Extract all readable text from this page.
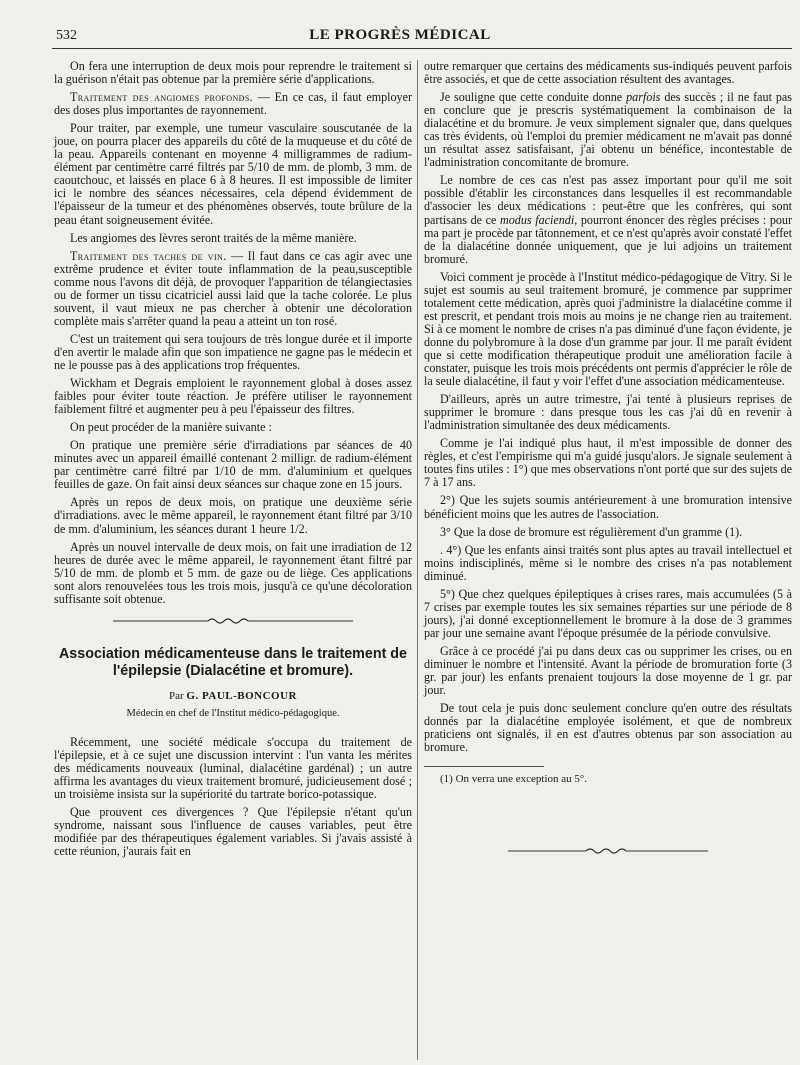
532	LE PROGRÈS MÉDICAL

On fera une interruption de deux mois pour reprendre le traitement si la guérison n'était pas obtenue par la première série d'applications.

Traitement des angiomes profonds. — En ce cas, il faut employer des doses plus importantes de rayonnement.

Pour traiter, par exemple, une tumeur vasculaire souscutanée de la joue, on pourra placer des appareils du côté de la muqueuse et du côté de la peau. Appareils contenant en moyenne 4 milligrammes de radium-élément par centimètre carré filtrés par 5/10 de mm. de plomb, 3 mm. de caoutchouc, et laissés en place 6 à 8 heures. Il est impossible de limiter ici le nombre des séances nécessaires, cela dépend évidemment de l'épaisseur de la tumeur et des phénomènes observés, toute brûlure de la peau étant soigneusement évitée.

Les angiomes des lèvres seront traités de la même manière.

Traitement des taches de vin. — Il faut dans ce cas agir avec une extrême prudence et éviter toute inflammation de la peau,susceptible comme nous l'avons dit déjà, de provoquer l'apparition de télangiectasies ou de former un tissu cicatriciel aussi laid que la tache colorée. Le plus souvent, il vaut mieux ne pas chercher à obtenir une décoloration complète mais s'arrêter quand la peau a atteint un ton rosé.

C'est un traitement qui sera toujours de très longue durée et il importe d'en avertir le malade afin que son impatience ne gagne pas le médecin et ne le pousse pas à des applications trop fréquentes.

Wickham et Degrais emploient le rayonnement global à doses assez faibles pour éviter toute réaction. Je préfère utiliser le rayonnement faiblement filtré et augmenter peu à peu l'épaisseur des filtres.

On peut procéder de la manière suivante :

On pratique une première série d'irradiations par séances de 40 minutes avec un appareil émaillé contenant 2 milligr. de radium-élément par centimètre carré filtré par 1/10 de mm. d'aluminium et quelques feuilles de gaze. On fait ainsi deux séances sur chaque zone en 15 jours.

Après un repos de deux mois, on pratique une deuxième série d'irradiations. avec le même appareil, le rayonnement étant filtré par 3/10 de mm. d'aluminium, les séances durant 1 heure 1/2.

Après un nouvel intervalle de deux mois, on fait une irradiation de 12 heures de durée avec le même appareil, le rayonnement étant filtré par 5/10 de mm. de plomb et 5 mm. de gaze ou de liège. Ces applications sont alors renouvelées tous les trois mois, jusqu'à ce qu'une décoloration suffisante soit obtenue.

Association médicamenteuse dans le traitement de l'épilepsie (Dialacétine et bromure).

Par G. PAUL-BONCOUR

Médecin en chef de l'Institut médico-pédagogique.

Récemment, une société médicale s'occupa du traitement de l'épilepsie, et à ce sujet une discussion intervint : l'un vanta les mérites des médicaments nouveaux (luminal, dialacétine gardénal) ; un autre affirma les avantages du vieux traitement bromuré, judicieusement dosé ; un troisième insista sur la supériorité du tartrate borico-potassique.

Que prouvent ces divergences ? Que l'épilepsie n'étant qu'un syndrome, naissant sous l'influence de causes variables, peut être modifiée par des thérapeutiques également variables. Si j'avais assisté à cette réunion, j'aurais fait en

outre remarquer que certains des médicaments sus-indiqués peuvent parfois être associés, et que de cette association résultent des avantages.

Je souligne que cette conduite donne parfois des succès ; il ne faut pas en conclure que je prescris systématiquement la combinaison de la dialacétine et du bromure. Je veux simplement signaler que, dans quelques cas très évidents, où l'emploi du premier médicament ne m'avait pas donné un résultat assez satisfaisant, j'ai obtenu un bénéfice, incontestable de l'administration concomitante de bromure.

Le nombre de ces cas n'est pas assez important pour qu'il me soit possible d'établir les circonstances dans lesquelles il est recommandable d'associer les deux médications : peut-être que les confrères, qui sont partisans de ce modus faciendi, pourront énoncer des règles précises : pour ma part je procède par tâtonnement, et ce n'est qu'après avoir constaté l'effet de la dialacétine donnée uniquement, que je lui adjoins un traitement bromuré.

Voici comment je procède à l'Institut médico-pédagogique de Vitry. Si le sujet est soumis au seul traitement bromuré, je commence par supprimer totalement cette médication, après quoi j'administre la dialacétine comme il est prescrit, et pendant trois mois au moins je ne change rien au traitement. Si à ce moment le nombre de crises n'a pas diminué d'une façon évidente, je donne du polybromure à la dose d'un gramme par jour. Il me paraît évident que si cette modification thérapeutique produit une amélioration facile à constater, puisque les trois mois précédents ont permis d'apprécier le rôle de la seule dialacétine, il faut y voir l'effet d'une association médicamenteuse.

D'ailleurs, après un autre trimestre, j'ai tenté à plusieurs reprises de supprimer le bromure : dans presque tous les cas j'ai dû en revenir à l'administration simultanée des deux médicaments.

Comme je l'ai indiqué plus haut, il m'est impossible de donner des règles, et c'est l'empirisme qui m'a guidé jusqu'alors. Je signale seulement à toutes fins utiles : 1°) que mes observations n'ont porté que sur des sujets de 7 à 17 ans.

2°) Que les sujets soumis antérieurement à une bromuration intensive bénéficient moins que les autres de l'association.

3° Que la dose de bromure est régulièrement d'un gramme (1).

. 4°) Que les enfants ainsi traités sont plus aptes au travail intellectuel et moins indisciplinés, même si le nombre des crises n'a pas notablement diminué.

5°) Que chez quelques épileptiques à crises rares, mais accumulées (5 à 7 crises par exemple toutes les six semaines réparties sur une période de 8 jours), j'ai donné exceptionnellement le bromure à la dose de 3 grammes par jour une semaine avant l'époque présumée de la période convulsive.

Grâce à ce procédé j'ai pu dans deux cas ou supprimer les crises, ou en diminuer le nombre et l'intensité. Avant la période de bromuration forte (3 gr. par jour) les enfants prenaient toujours la dose moyenne de 1 gr. par jour.

De tout cela je puis donc seulement conclure qu'en outre des résultats donnés par la dialacétine employée isolément, et que de nombreux praticiens ont signalés, il en est d'autres obtenus par son association au bromure.

(1) On verra une exception au 5°.
